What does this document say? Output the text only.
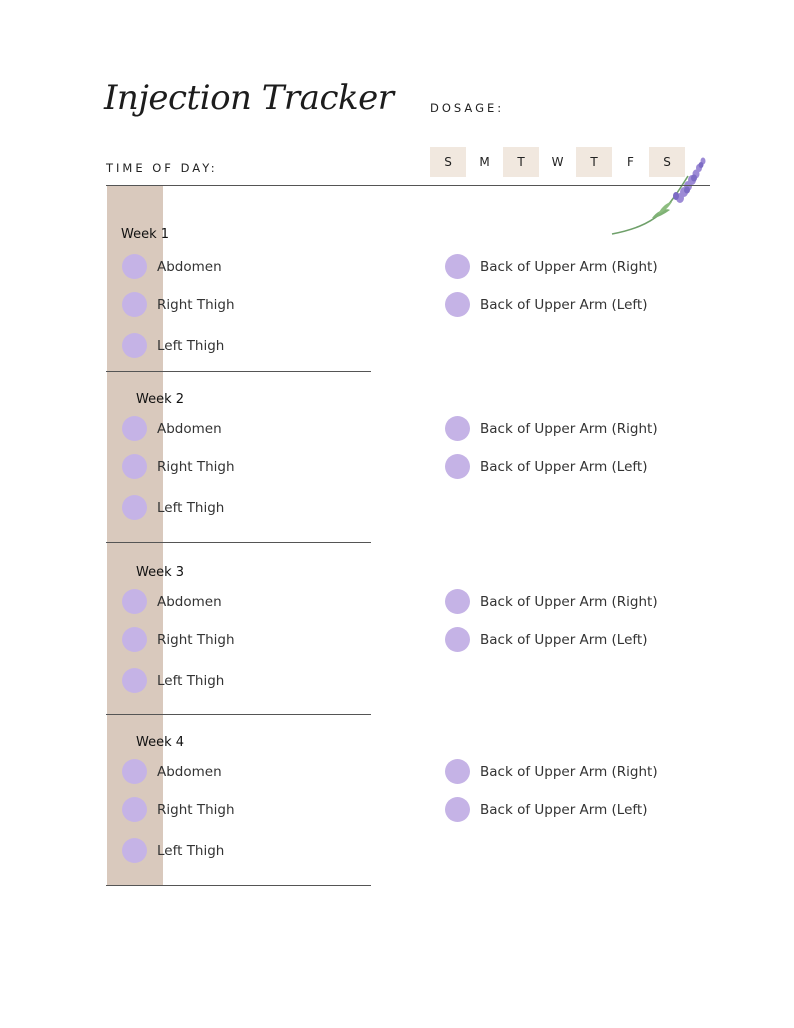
Injection Tracker	DOSAGE:
TIME OF DAY:	S	M	T	W	T	F	S
Week 1
Abdomen
Right Thigh
Left Thigh
Back of Upper Arm (Right)
Back of Upper Arm (Left)
Week 2
Abdomen
Right Thigh
Left Thigh
Back of Upper Arm (Right)
Back of Upper Arm (Left)
Week 3
Abdomen
Right Thigh
Left Thigh
Back of Upper Arm (Right)
Back of Upper Arm (Left)
Week 4
Abdomen
Right Thigh
Left Thigh
Back of Upper Arm (Right)
Back of Upper Arm (Left)
